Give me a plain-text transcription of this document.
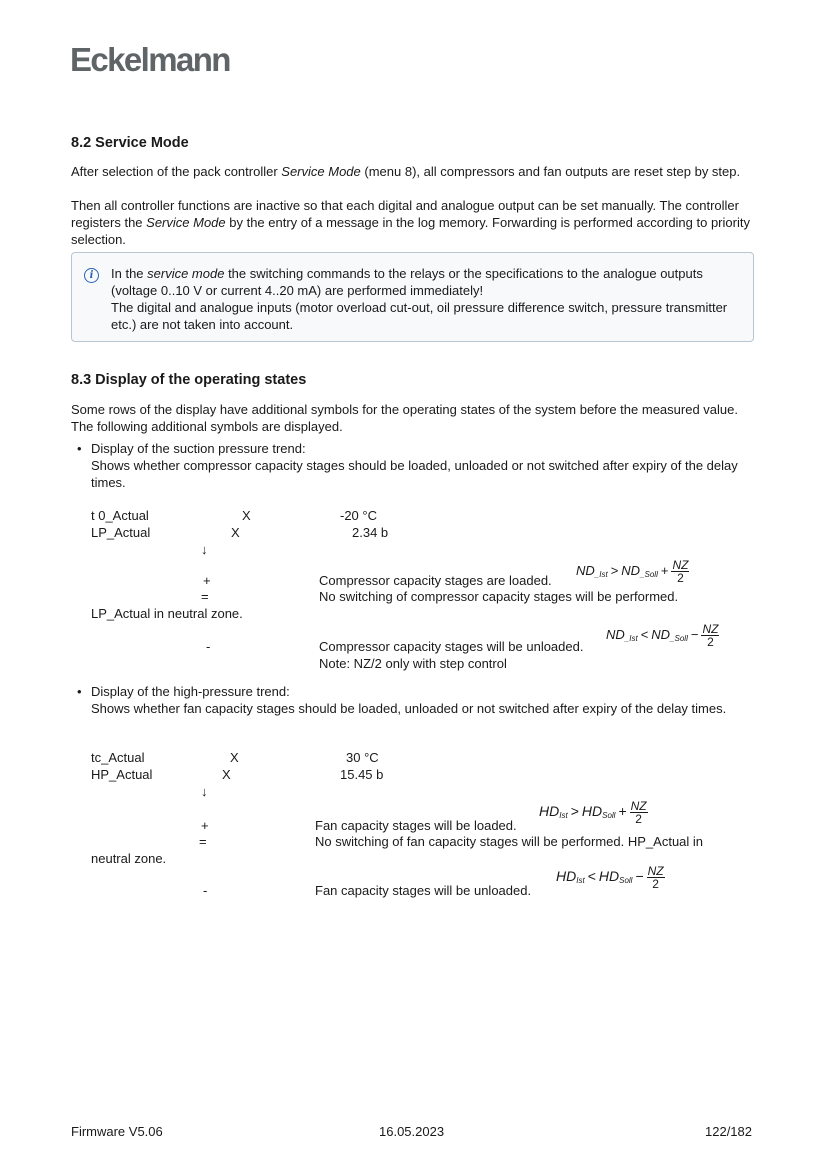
Eckelmann
8.2 Service Mode

After selection of the pack controller Service Mode (menu 8), all compressors and fan outputs are reset step by step.

Then all controller functions are inactive so that each digital and analogue output can be set manually. The controller registers the Service Mode by the entry of a message in the log memory. Forwarding is performed according to priority selection.

i	In the service mode the switching commands to the relays or the specifications to the analogue outputs (voltage 0..10 V or current 4..20 mA) are performed immediately!
The digital and analogue inputs (motor overload cut-out, oil pressure difference switch, pressure transmitter etc.) are not taken into account.
8.3 Display of the operating states

Some rows of the display have additional symbols for the operating states of the system before the measured value. The following additional symbols are displayed.

• Display of the suction pressure trend:
Shows whether compressor capacity stages should be loaded, unloaded or not switched after expiry of the delay times.
t 0_Actual	X	-20 °C
LP_Actual	X	2.34 b
↓
+	Compressor capacity stages are loaded.
$ND_{\_Ist} > ND_{\_Soll} + \frac{NZ}{2}$
=	No switching of compressor capacity stages will be performed.
LP_Actual in neutral zone.
-	Compressor capacity stages will be unloaded.
$ND_{\_Ist} < ND_{\_Soll} - \frac{NZ}{2}$
Note: NZ/2 only with step control
• Display of the high-pressure trend:
Shows whether fan capacity stages should be loaded, unloaded or not switched after expiry of the delay times.
tc_Actual	X	30 °C
HP_Actual	X	15.45 b
↓
+	Fan capacity stages will be loaded.
$HD_{Ist} > HD_{Soll} + \frac{NZ}{2}$
=	No switching of fan capacity stages will be performed. HP_Actual in
neutral zone.
-	Fan capacity stages will be unloaded.
$HD_{Ist} < HD_{Soll} - \frac{NZ}{2}$
Firmware V5.06	16.05.2023	122/182
